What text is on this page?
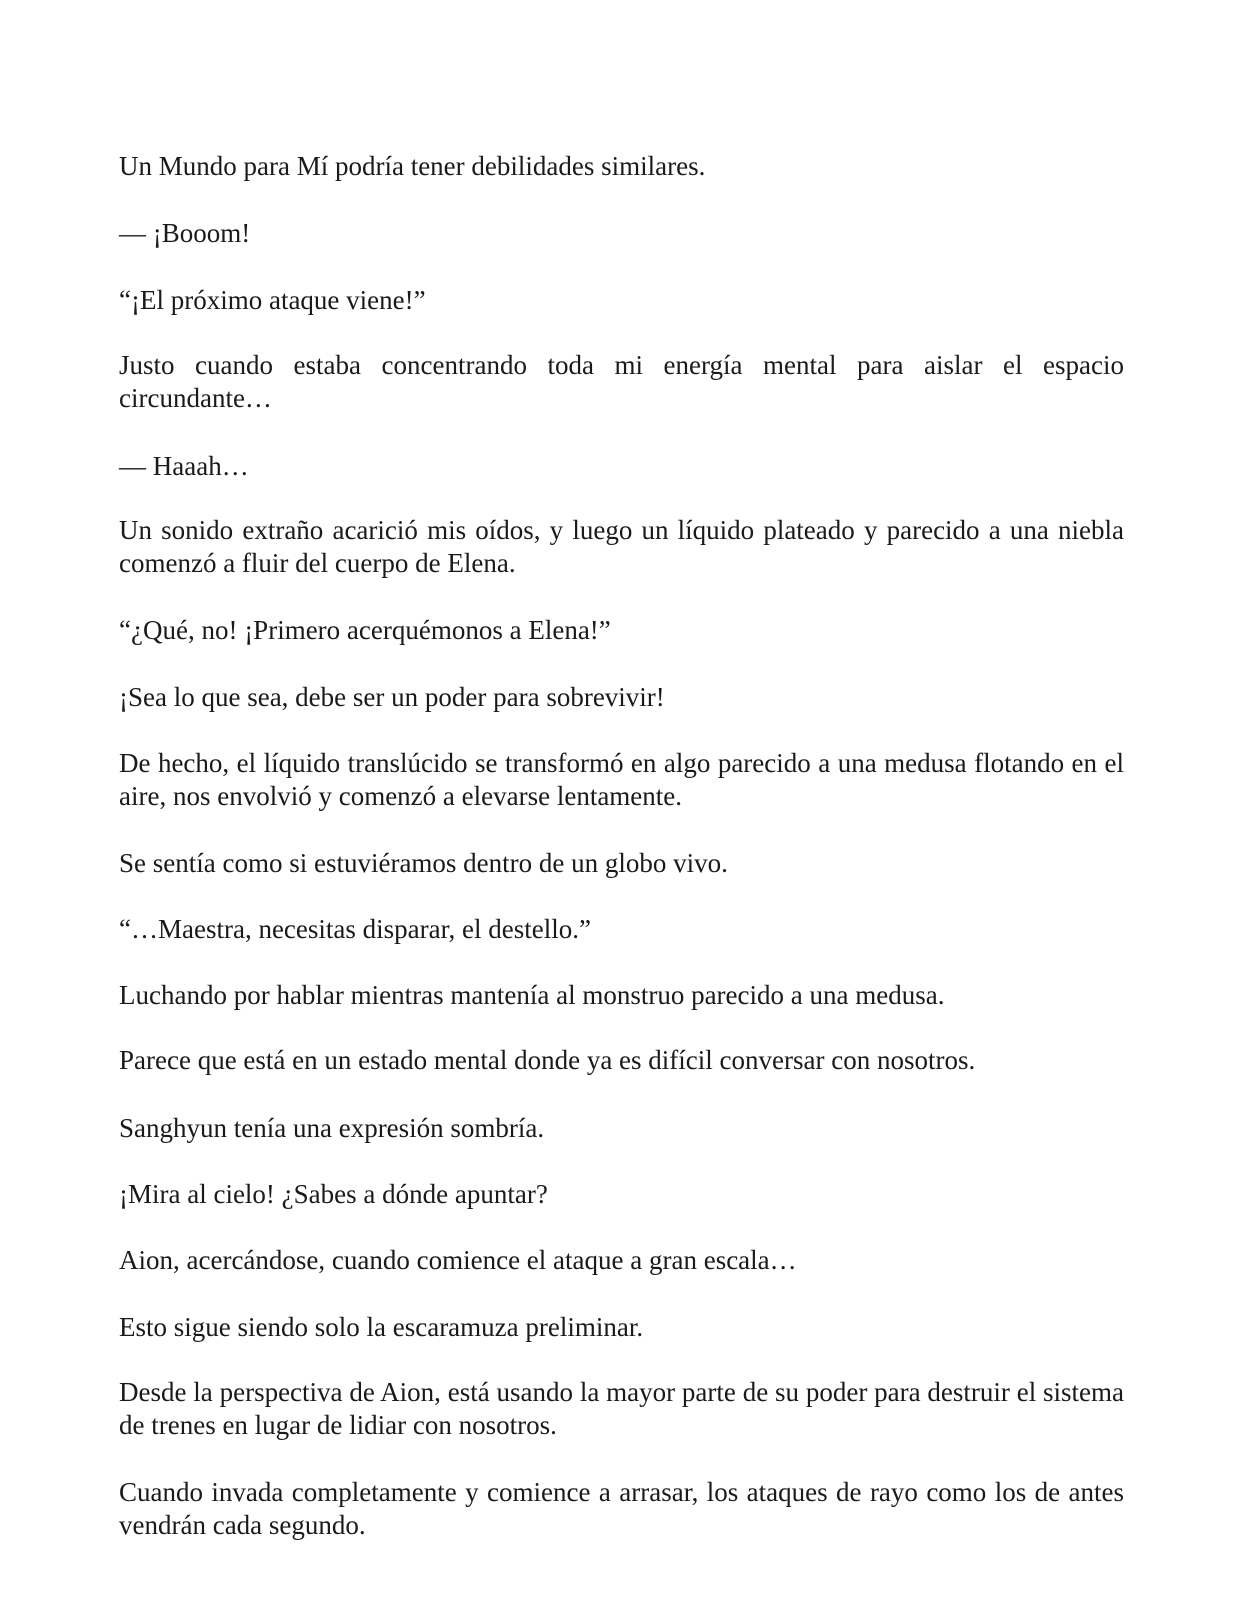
Un Mundo para Mí podría tener debilidades similares.

— ¡Booom!

“¡El próximo ataque viene!”

Justo cuando estaba concentrando toda mi energía mental para aislar el espacio circundante…

— Haaah…

Un sonido extraño acarició mis oídos, y luego un líquido plateado y parecido a una niebla comenzó a fluir del cuerpo de Elena.

“¿Qué, no! ¡Primero acerquémonos a Elena!”

¡Sea lo que sea, debe ser un poder para sobrevivir!

De hecho, el líquido translúcido se transformó en algo parecido a una medusa flotando en el aire, nos envolvió y comenzó a elevarse lentamente.

Se sentía como si estuviéramos dentro de un globo vivo.

“…Maestra, necesitas disparar, el destello.”

Luchando por hablar mientras mantenía al monstruo parecido a una medusa.

Parece que está en un estado mental donde ya es difícil conversar con nosotros.

Sanghyun tenía una expresión sombría.

¡Mira al cielo! ¿Sabes a dónde apuntar?

Aion, acercándose, cuando comience el ataque a gran escala…

Esto sigue siendo solo la escaramuza preliminar.

Desde la perspectiva de Aion, está usando la mayor parte de su poder para destruir el sistema de trenes en lugar de lidiar con nosotros.

Cuando invada completamente y comience a arrasar, los ataques de rayo como los de antes vendrán cada segundo.
